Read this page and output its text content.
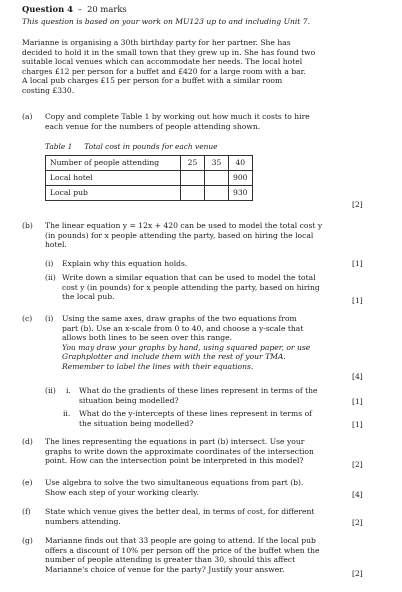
Question 4 – 20 marks
This question is based on your work on MU123 up to and including Unit 7.
Marianne is organising a 30th birthday party for her partner. She has
decided to hold it in the small town that they grew up in. She has found two
suitable local venues which can accommodate her needs. The local hotel
charges £12 per person for a buffet and £420 for a large room with a bar.
A local pub charges £15 per person for a buffet with a similar room
costing £330.
(a) Copy and complete Table 1 by working out how much it costs to hire
each venue for the numbers of people attending shown.
Table 1 Total cost in pounds for each venue
Number of people attending	25	35	40
Local hotel			900
Local pub			930
[2]
(b) The linear equation y = 12x + 420 can be used to model the total cost y
(in pounds) for x people attending the party, based on hiring the local
hotel.
(i) Explain why this equation holds.	[1]
(ii) Write down a similar equation that can be used to model the total
cost y (in pounds) for x people attending the party, based on hiring
the local pub.	[1]
(c) (i) Using the same axes, draw graphs of the two equations from
part (b). Use an x-scale from 0 to 40, and choose a y-scale that
allows both lines to be seen over this range.
You may draw your graphs by hand, using squared paper, or use
Graphplotter and include them with the rest of your TMA.
Remember to label the lines with their equations.
[4]
(ii) i. What do the gradients of these lines represent in terms of the
situation being modelled?	[1]
ii. What do the y-intercepts of these lines represent in terms of
the situation being modelled?	[1]
(d) The lines representing the equations in part (b) intersect. Use your
graphs to write down the approximate coordinates of the intersection
point. How can the intersection point be interpreted in this model?	[2]
(e) Use algebra to solve the two simultaneous equations from part (b).
Show each step of your working clearly.	[4]
(f) State which venue gives the better deal, in terms of cost, for different
numbers attending.	[2]
(g) Marianne finds out that 33 people are going to attend. If the local pub
offers a discount of 10% per person off the price of the buffet when the
number of people attending is greater than 30, should this affect
Marianne's choice of venue for the party? Justify your answer.	[2]
